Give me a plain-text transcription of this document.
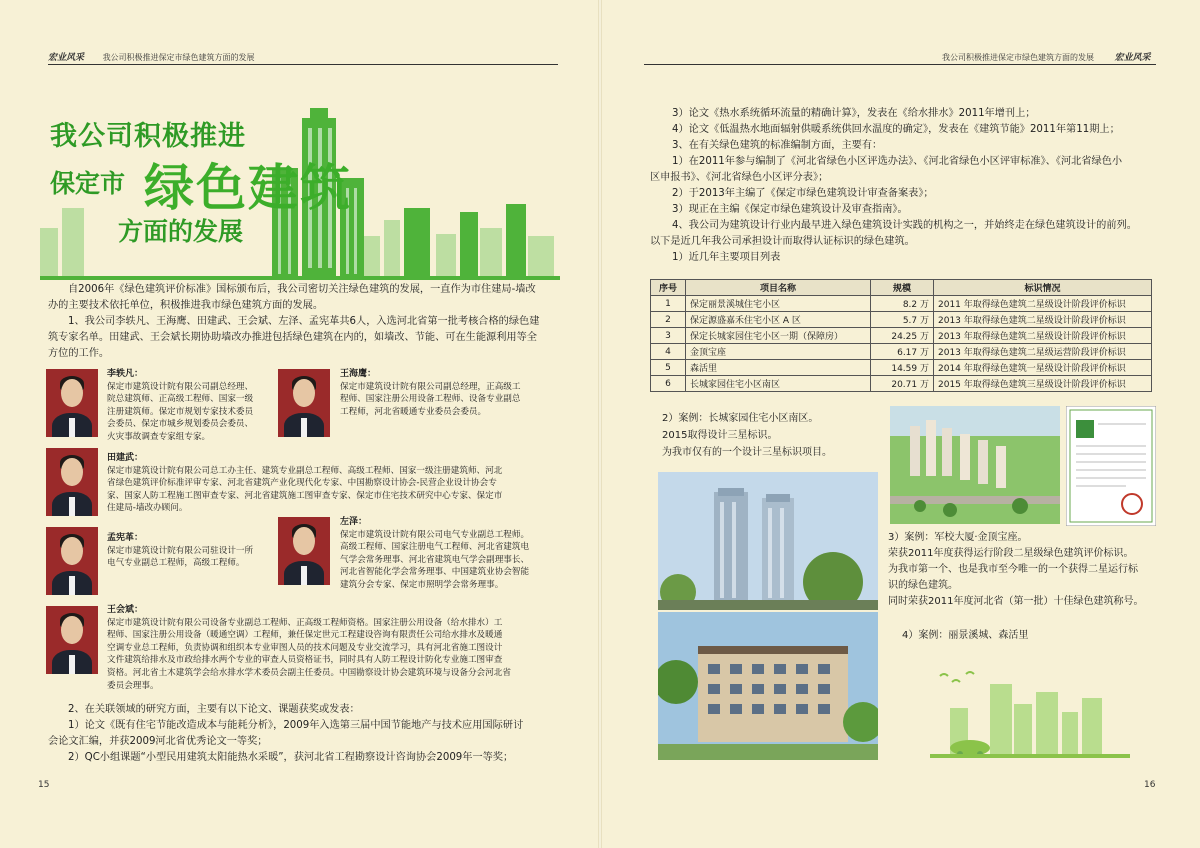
宏业风采 我公司积极推进保定市绿色建筑方面的发展
我公司积极推进
保定市 绿色建筑
方面的发展

自2006年《绿色建筑评价标准》国标颁布后，我公司密切关注绿色建筑的发展，一直作为市住建局-墙改

办的主要技术依托单位，积极推进我市绿色建筑方面的发展。

1、我公司李轶凡、王海鹰、田建武、王会斌、左泽、孟宪革共6人，入选河北省第一批考核合格的绿色建

筑专家名单。田建武、王会斌长期协助墙改办推进包括绿色建筑在内的，如墙改、节能、可在生能源利用等全

方位的工作。

李轶凡：
保定市建筑设计院有限公司副总经理、
院总建筑师、正高级工程师、国家一级
注册建筑师。保定市规划专家技术委员
会委员、保定市城乡规划委员会委员、
火灾事故调查专家组专家。
王海鹰：
保定市建筑设计院有限公司副总经理，正高级工
程师、国家注册公用设备工程师、设备专业副总
工程师，河北省暖通专业委员会委员。
田建武：
保定市建筑设计院有限公司总工办主任、建筑专业副总工程师、高级工程师、国家一级注册建筑师、河北
省绿色建筑评价标准评审专家、河北省建筑产业化现代化专家、中国勘察设计协会-民营企业设计协会专
家、国家人防工程施工图审查专家、河北省建筑施工图审查专家、保定市住宅技术研究中心专家、保定市
住建局-墙改办顾问。
孟宪革：
保定市建筑设计院有限公司驻设计一所
电气专业副总工程师，高级工程师。
左泽：
保定市建筑设计院有限公司电气专业副总工程师。
高级工程师、国家注册电气工程师、河北省建筑电
气学会常务理事、河北省建筑电气学会副理事长、
河北省智能化学会常务理事、中国建筑业协会智能
建筑分会专家、保定市照明学会常务理事。
王会斌：
保定市建筑设计院有限公司设备专业副总工程师、正高级工程师资格。国家注册公用设备（给水排水）工
程师、国家注册公用设备（暖通空调）工程师，兼任保定世元工程建设咨询有限责任公司给水排水及暖通
空调专业总工程师，负责协调和组织本专业审图人员的技术问题及专业交流学习，具有河北省施工图设计
文件建筑给排水及市政给排水两个专业的审查人员资格证书，同时具有人防工程设计防化专业施工图审查
资格。河北省土木建筑学会给水排水学术委员会副主任委员。中国勘察设计协会建筑环境与设备分会河北省
委员会理事。

2、在关联领域的研究方面，主要有以下论文、课题获奖或发表：

1）论文《既有住宅节能改造成本与能耗分析》，2009年入选第三届中国节能地产与技术应用国际研讨

会论文汇编，并获2009河北省优秀论文一等奖；

2）QC小组课题“小型民用建筑太阳能热水采暖”，获河北省工程勘察设计咨询协会2009年一等奖；

15
我公司积极推进保定市绿色建筑方面的发展 宏业风采

3）论文《热水系统循环流量的精确计算》，发表在《给水排水》2011年增刊上；

4）论文《低温热水地面辐射供暖系统供回水温度的确定》，发表在《建筑节能》2011年第11期上；

3、在有关绿色建筑的标准编制方面，主要有：

1）在2011年参与编制了《河北省绿色小区评选办法》、《河北省绿色小区评审标准》、《河北省绿色小

区申报书》、《河北省绿色小区评分表》；

2）于2013年主编了《保定市绿色建筑设计审查备案表》；

3）现正在主编《保定市绿色建筑设计及审查指南》。

4、我公司为建筑设计行业内最早进入绿色建筑设计实践的机构之一，并始终走在绿色建筑设计的前列。

以下是近几年我公司承担设计而取得认证标识的绿色建筑。

1）近几年主要项目列表

序号	项目名称	规模	标识情况
1	保定丽景溪城住宅小区	8.2 万	2011 年取得绿色建筑二星级设计阶段评价标识
2	保定源盛嘉禾住宅小区 A 区	5.7 万	2013 年取得绿色建筑二星级设计阶段评价标识
3	保定长城家园住宅小区一期（保障房）	24.25 万	2013 年取得绿色建筑二星级设计阶段评价标识
4	金顶宝座	6.17 万	2013 年取得绿色建筑二星级运营阶段评价标识
5	森活里	14.59 万	2014 年取得绿色建筑一星级设计阶段评价标识
6	长城家园住宅小区南区	20.71 万	2015 年取得绿色建筑三星级设计阶段评价标识

2）案例：长城家园住宅小区南区。

2015取得设计三星标识。

为我市仅有的一个设计三星标识项目。

3）案例：军校大厦·金顶宝座。

荣获2011年度获得运行阶段二星级绿色建筑评价标识。

为我市第一个、也是我市至今唯一的一个获得二星运行标

识的绿色建筑。

同时荣获2011年度河北省（第一批）十佳绿色建筑称号。

4）案例：丽景溪城、森活里

16
